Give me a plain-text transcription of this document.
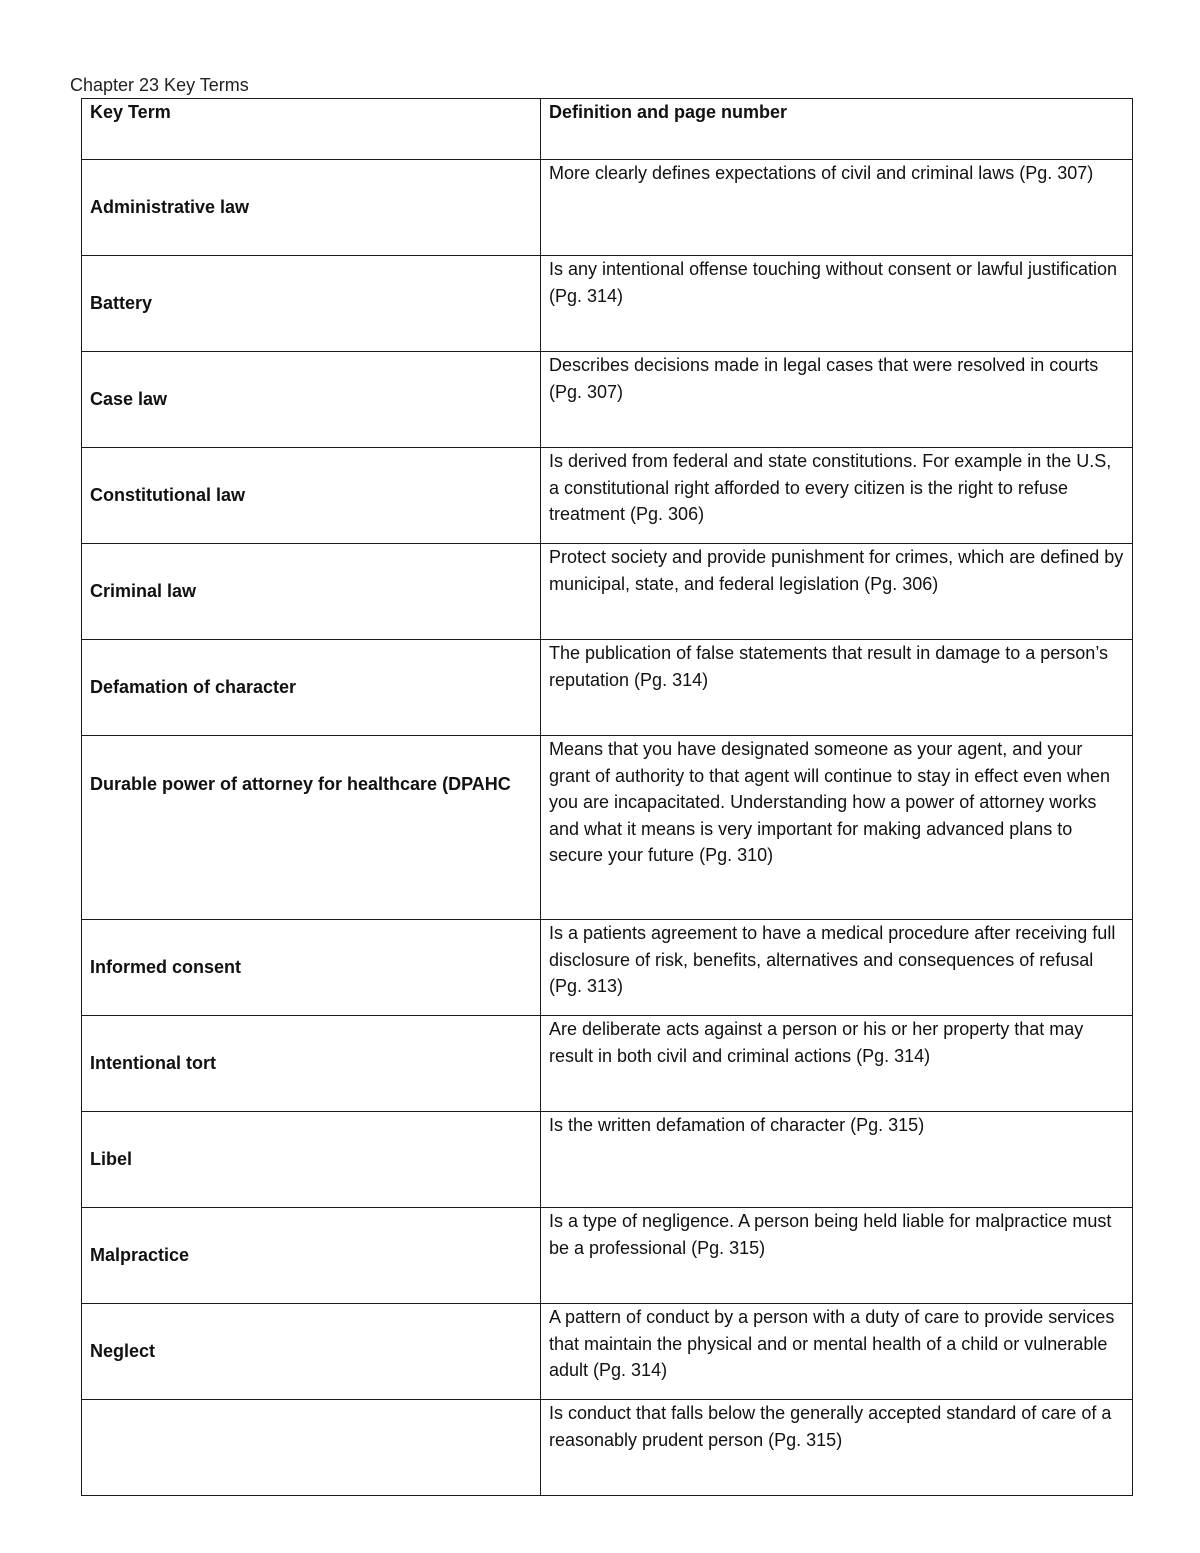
Chapter 23 Key Terms
Key Term	Definition and page number
Administrative law	More clearly defines expectations of civil and criminal laws (Pg. 307)
Battery	Is any intentional offense touching without consent or lawful justification (Pg. 314)
Case law	Describes decisions made in legal cases that were resolved in courts (Pg. 307)
Constitutional law	Is derived from federal and state constitutions. For example in the U.S, a constitutional right afforded to every citizen is the right to refuse treatment (Pg. 306)
Criminal law	Protect society and provide punishment for crimes, which are defined by municipal, state, and federal legislation (Pg. 306)
Defamation of character	The publication of false statements that result in damage to a person’s reputation (Pg. 314)
Durable power of attorney for healthcare (DPAHC	Means that you have designated someone as your agent, and your grant of authority to that agent will continue to stay in effect even when you are incapacitated. Understanding how a power of attorney works and what it means is very important for making advanced plans to secure your future (Pg. 310)
Informed consent	Is a patients agreement to have a medical procedure after receiving full disclosure of risk, benefits, alternatives and consequences of refusal (Pg. 313)
Intentional tort	Are deliberate acts against a person or his or her property that may result in both civil and criminal actions (Pg. 314)
Libel	Is the written defamation of character (Pg. 315)
Malpractice	Is a type of negligence. A person being held liable for malpractice must be a professional (Pg. 315)
Neglect	A pattern of conduct by a person with a duty of care to provide services that maintain the physical and or mental health of a child or vulnerable adult (Pg. 314)
	Is conduct that falls below the generally accepted standard of care of a reasonably prudent person (Pg. 315)
